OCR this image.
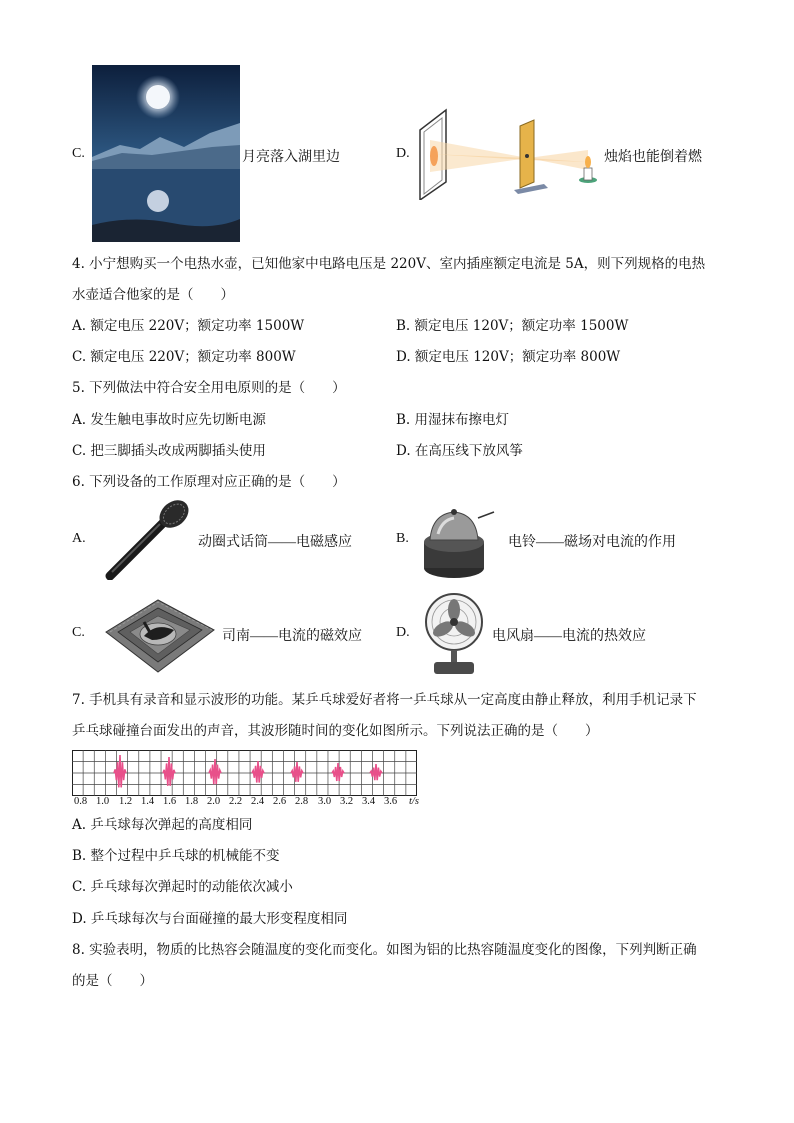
C.	月亮落入湖里边	D.	烛焰也能倒着燃
4. 小宁想购买一个电热水壶，已知他家中电路电压是 220V、室内插座额定电流是 5A，则下列规格的电热
水壶适合他家的是（　　）
A. 额定电压 220V；额定功率 1500W	B. 额定电压 120V；额定功率 1500W
C. 额定电压 220V；额定功率 800W	D. 额定电压 120V；额定功率 800W
5. 下列做法中符合安全用电原则的是（　　）
A. 发生触电事故时应先切断电源	B. 用湿抹布擦电灯
C. 把三脚插头改成两脚插头使用	D. 在高压线下放风筝
6. 下列设备的工作原理对应正确的是（　　）
A.	动圈式话筒——电磁感应	B.	电铃——磁场对电流的作用
C.	司南——电流的磁效应 D.	电风扇——电流的热效应
7. 手机具有录音和显示波形的功能。某乒乓球爱好者将一乒乓球从一定高度由静止释放，利用手机记录下
乒乓球碰撞台面发出的声音，其波形随时间的变化如图所示。下列说法正确的是（　　）
0.8 1.0 1.2 1.4 1.6 1.8 2.0 2.2 2.4 2.6 2.8 3.0 3.2 3.4 3.6 t/s
A. 乒乓球每次弹起的高度相同
B. 整个过程中乒乓球的机械能不变
C. 乒乓球每次弹起时的动能依次减小
D. 乒乓球每次与台面碰撞的最大形变程度相同
8. 实验表明，物质的比热容会随温度的变化而变化。如图为铝的比热容随温度变化的图像，下列判断正确
的是（　　）
